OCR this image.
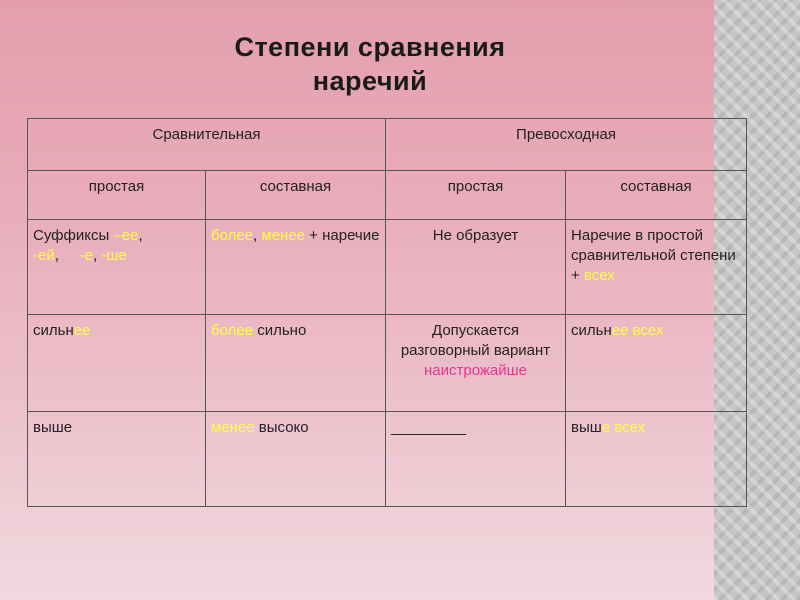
Степени сравнения
наречий
Сравнительная		Превосходная	
простая	составная	простая	составная
Суффиксы –ее, -ей,     -е, -ше	более, менее + наречие	Не образует	Наречие в простой сравнительной степени + всех
сильнее	более сильно	Допускается разговорный вариант наистрожайше	сильнее всех
выше	менее высоко	_________	выше всех
